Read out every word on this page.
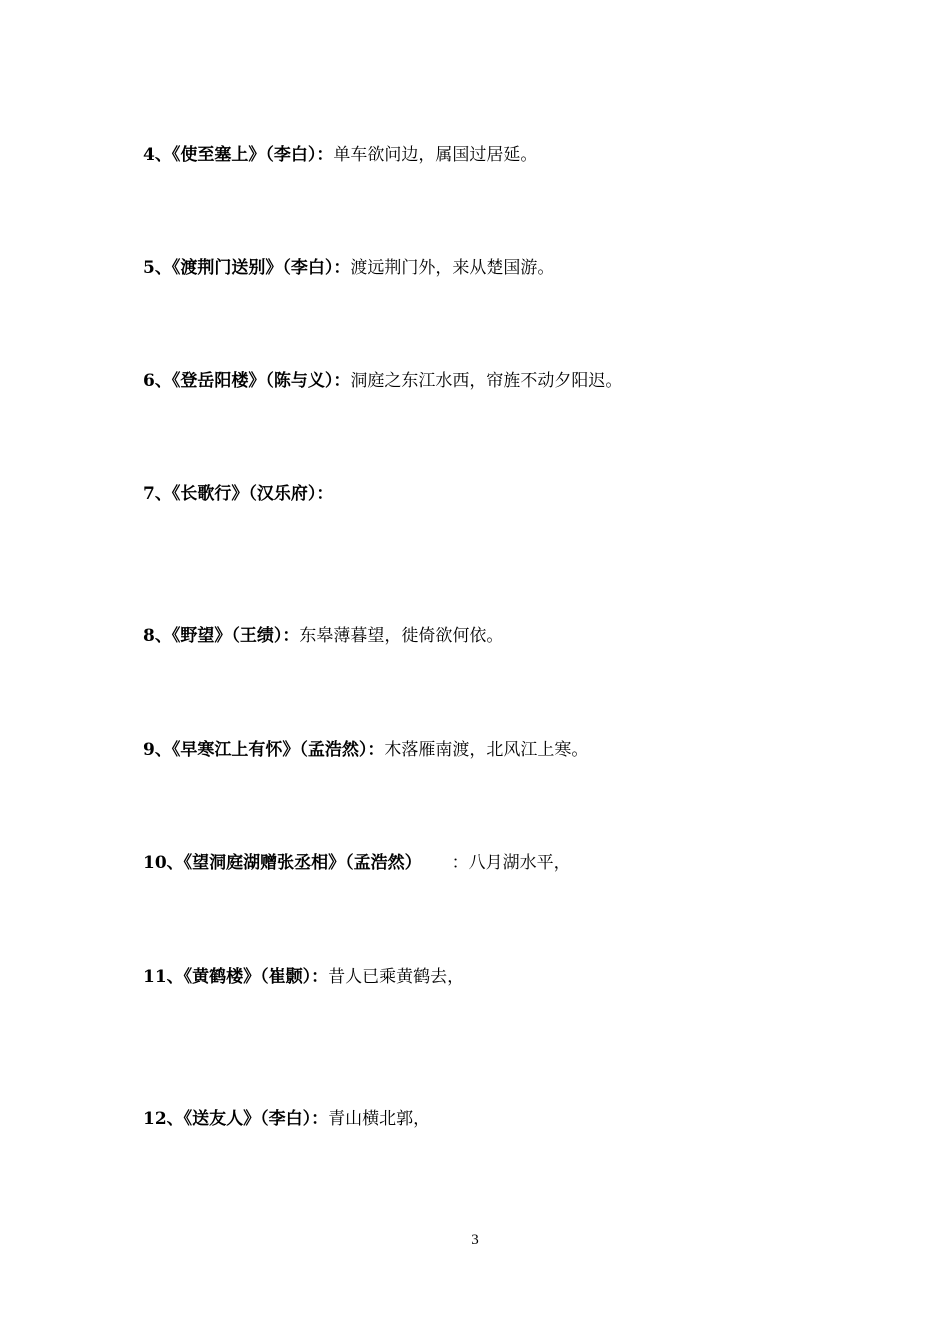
4、《使至塞上》（李白）：单车欲问边，属国过居延。
5、《渡荆门送别》（李白）：渡远荆门外，来从楚国游。
6、《登岳阳楼》（陈与义）：洞庭之东江水西，帘旌不动夕阳迟。
7、《长歌行》（汉乐府）：
8、《野望》（王绩）：东皋薄暮望，徙倚欲何依。
9、《早寒江上有怀》（孟浩然）：木落雁南渡，北风江上寒。
10、《望洞庭湖赠张丞相》（孟浩然） ：八月湖水平，
11、《黄鹤楼》（崔颢）：昔人已乘黄鹤去，
12、《送友人》（李白）：青山横北郭，
3
